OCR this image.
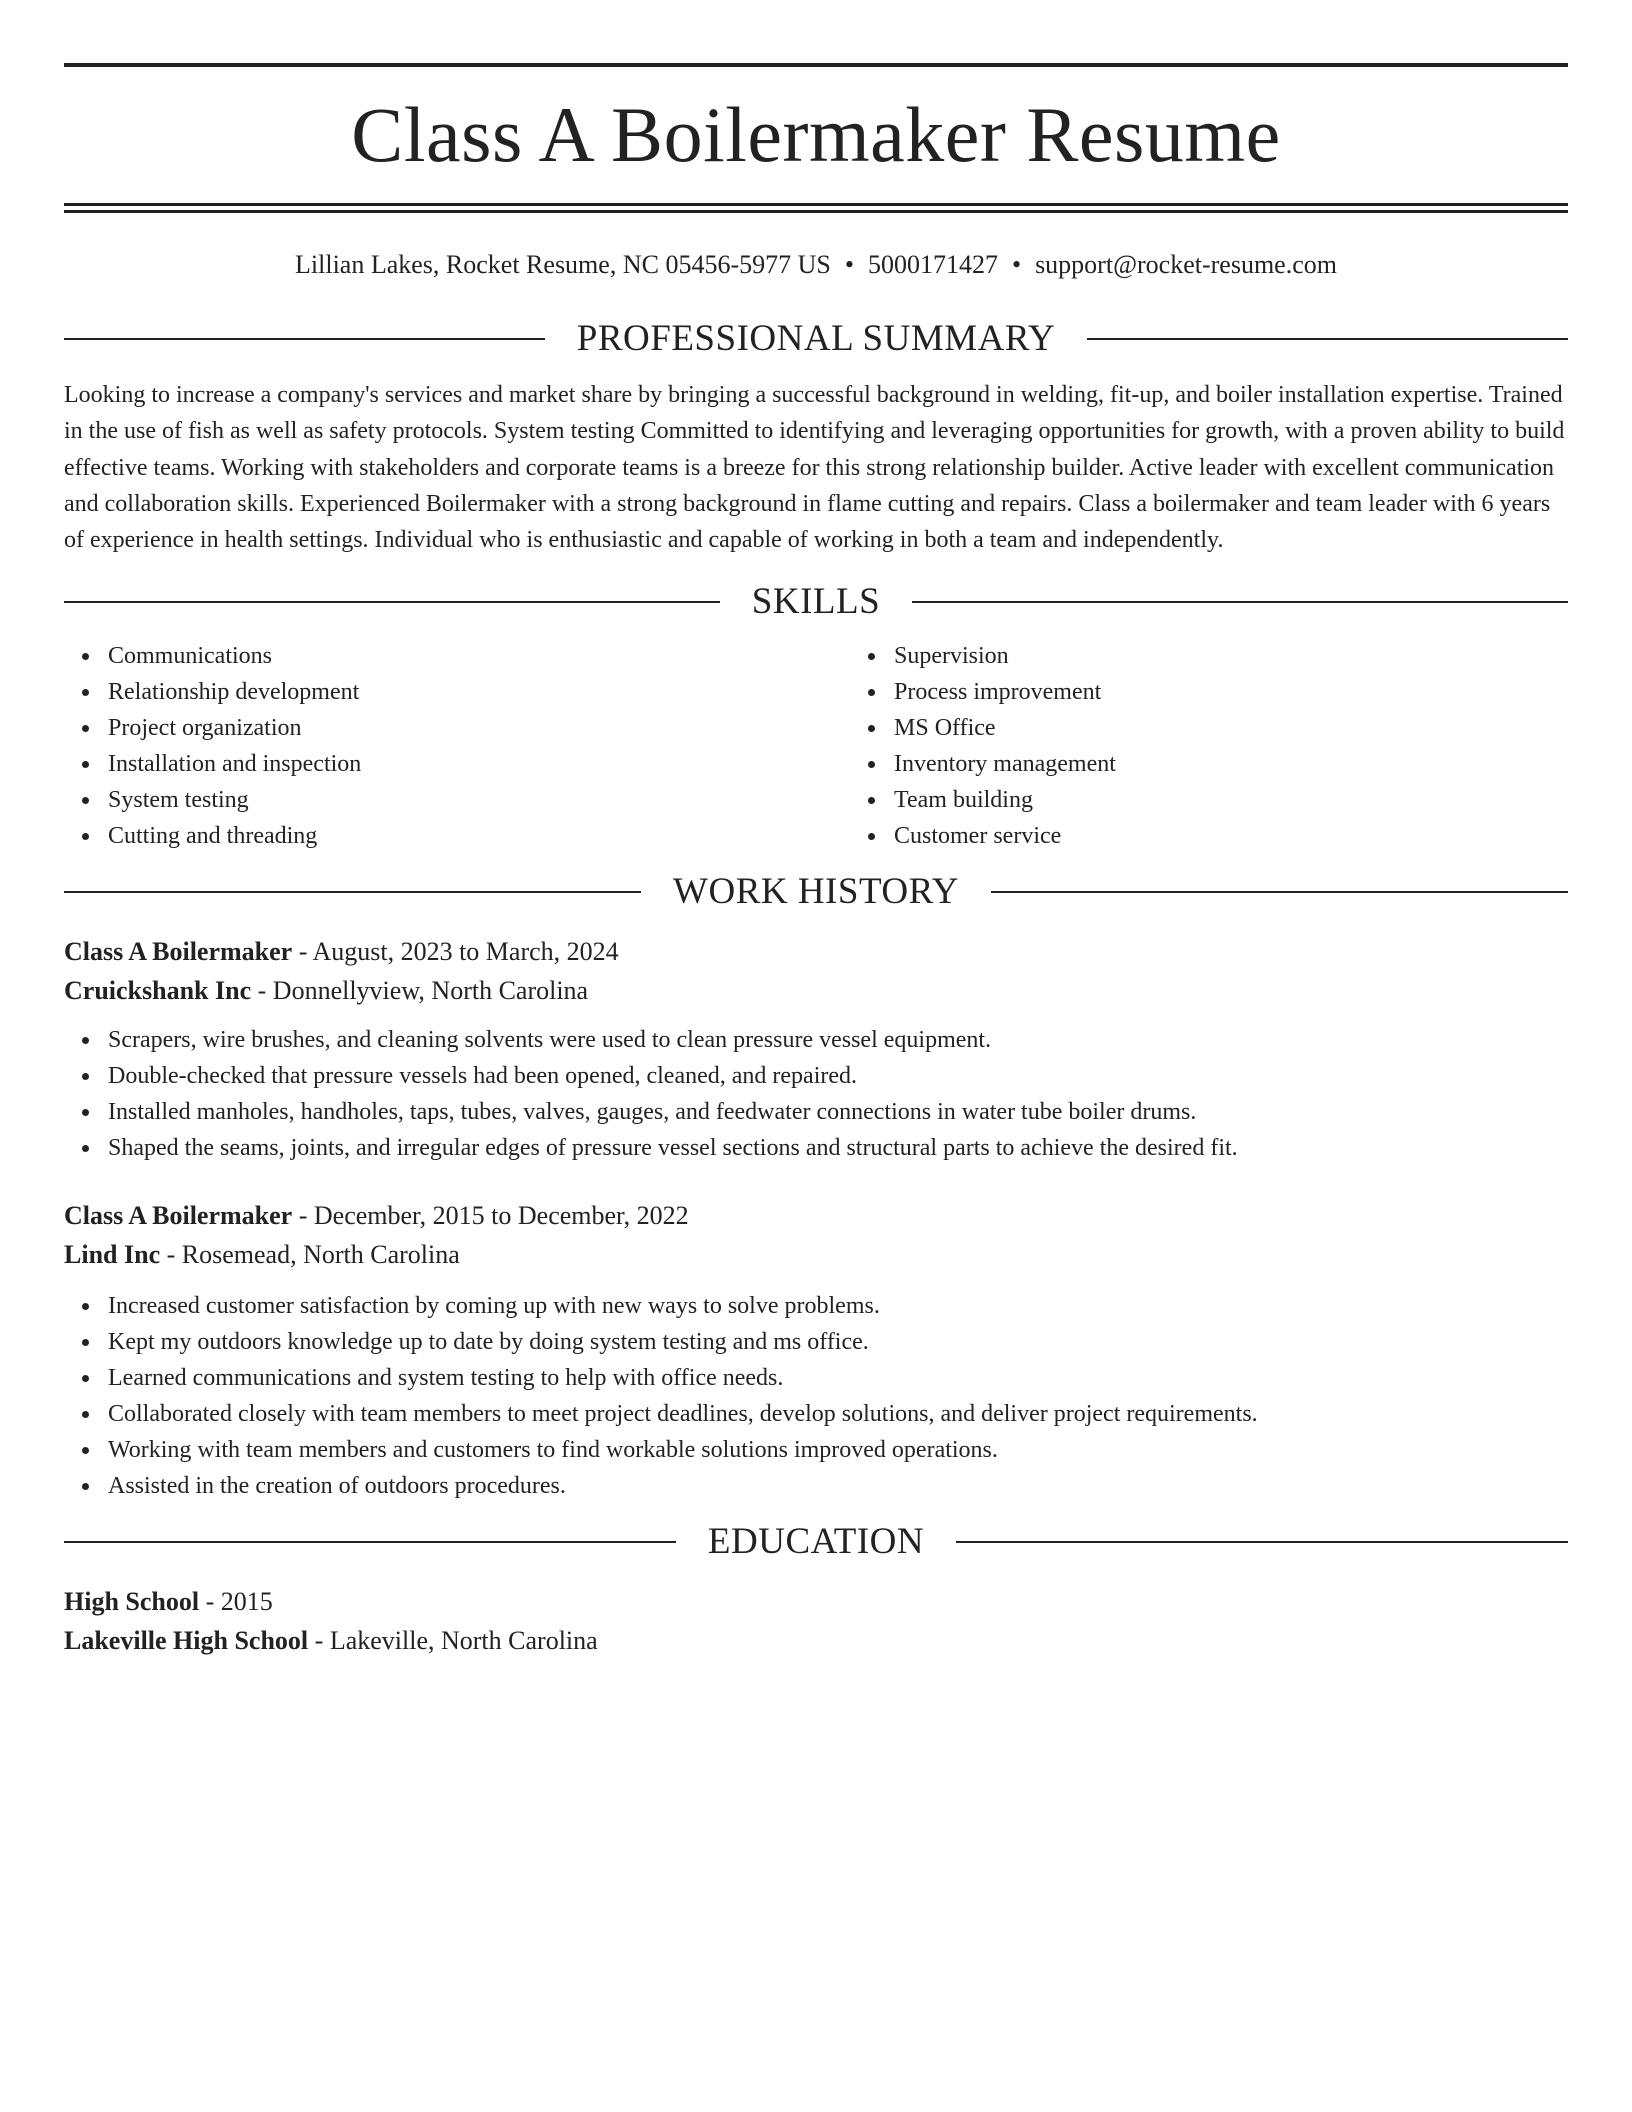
Class A Boilermaker Resume
Lillian Lakes, Rocket Resume, NC 05456-5977 US • 5000171427 • support@rocket-resume.com
PROFESSIONAL SUMMARY

Looking to increase a company's services and market share by bringing a successful background in welding, fit-up, and boiler installation expertise. Trained in the use of fish as well as safety protocols. System testing Committed to identifying and leveraging opportunities for growth, with a proven ability to build effective teams. Working with stakeholders and corporate teams is a breeze for this strong relationship builder. Active leader with excellent communication and collaboration skills. Experienced Boilermaker with a strong background in flame cutting and repairs. Class a boilermaker and team leader with 6 years of experience in health settings. Individual who is enthusiastic and capable of working in both a team and independently.

SKILLS
Communications
Relationship development
Project organization
Installation and inspection
System testing
Cutting and threading
Supervision
Process improvement
MS Office
Inventory management
Team building
Customer service
WORK HISTORY
Class A Boilermaker - August, 2023 to March, 2024
Cruickshank Inc - Donnellyview, North Carolina
Scrapers, wire brushes, and cleaning solvents were used to clean pressure vessel equipment.
Double-checked that pressure vessels had been opened, cleaned, and repaired.
Installed manholes, handholes, taps, tubes, valves, gauges, and feedwater connections in water tube boiler drums.
Shaped the seams, joints, and irregular edges of pressure vessel sections and structural parts to achieve the desired fit.
Class A Boilermaker - December, 2015 to December, 2022
Lind Inc - Rosemead, North Carolina
Increased customer satisfaction by coming up with new ways to solve problems.
Kept my outdoors knowledge up to date by doing system testing and ms office.
Learned communications and system testing to help with office needs.
Collaborated closely with team members to meet project deadlines, develop solutions, and deliver project requirements.
Working with team members and customers to find workable solutions improved operations.
Assisted in the creation of outdoors procedures.
EDUCATION
High School - 2015
Lakeville High School - Lakeville, North Carolina
